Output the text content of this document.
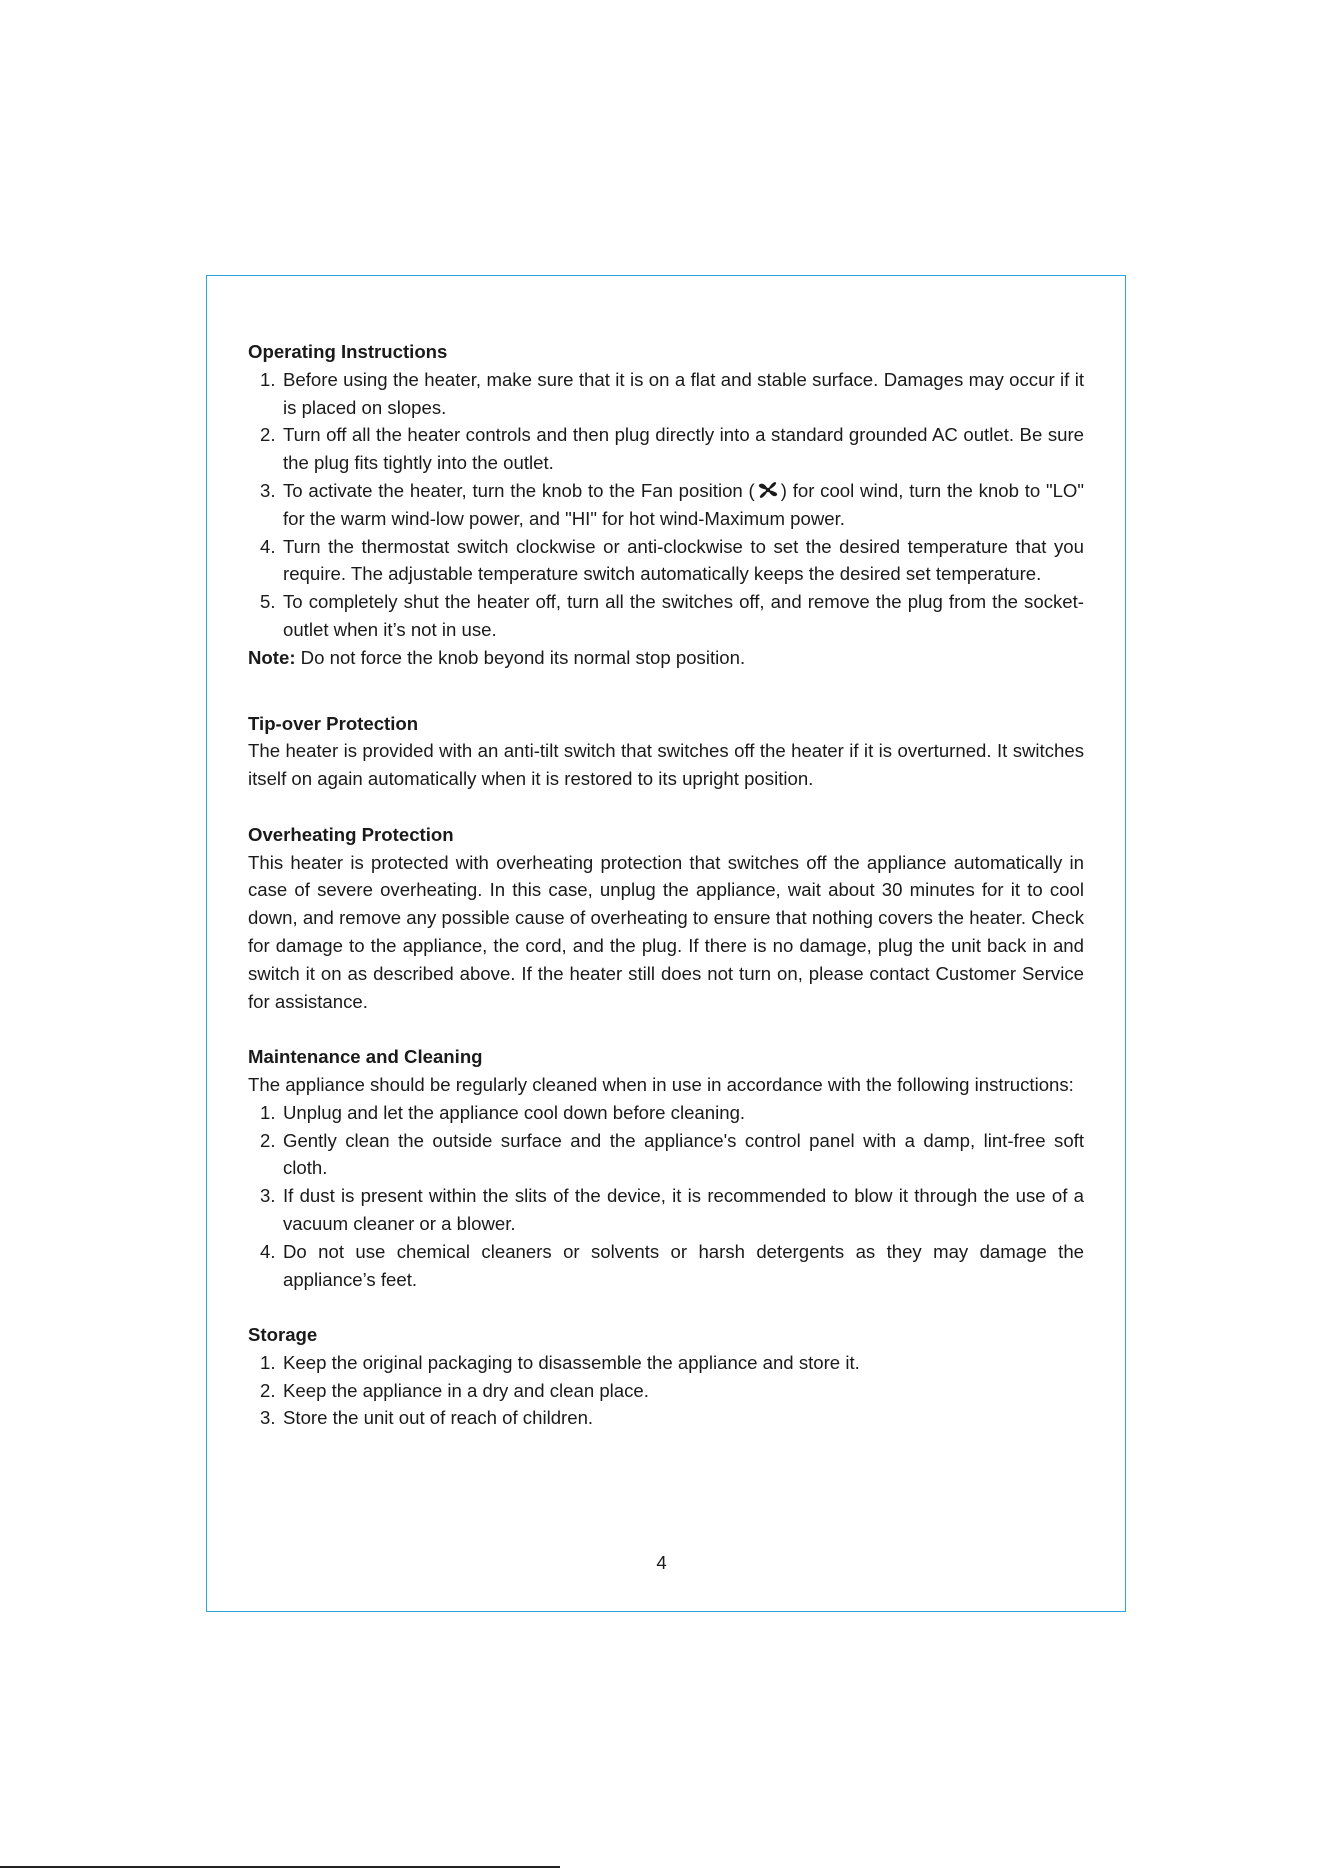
Operating Instructions
1. Before using the heater, make sure that it is on a flat and stable surface. Damages may occur if it is placed on slopes.
2. Turn off all the heater controls and then plug directly into a standard grounded AC outlet. Be sure the plug fits tightly into the outlet.
3. To activate the heater, turn the knob to the Fan position ( ) for cool wind, turn the knob to "LO" for the warm wind-low power, and "HI" for hot wind-Maximum power.
4. Turn the thermostat switch clockwise or anti-clockwise to set the desired temperature that you require. The adjustable temperature switch automatically keeps the desired set temperature.
5. To completely shut the heater off, turn all the switches off, and remove the plug from the socket-outlet when it’s not in use.

Note: Do not force the knob beyond its normal stop position.

Tip-over Protection

The heater is provided with an anti-tilt switch that switches off the heater if it is overturned. It switches itself on again automatically when it is restored to its upright position.

Overheating Protection

This heater is protected with overheating protection that switches off the appliance automatically in case of severe overheating. In this case, unplug the appliance, wait about 30 minutes for it to cool down, and remove any possible cause of overheating to ensure that nothing covers the heater. Check for damage to the appliance, the cord, and the plug. If there is no damage, plug the unit back in and switch it on as described above. If the heater still does not turn on, please contact Customer Service for assistance.

Maintenance and Cleaning

The appliance should be regularly cleaned when in use in accordance with the following instructions:

1. Unplug and let the appliance cool down before cleaning.
2. Gently clean the outside surface and the appliance's control panel with a damp, lint-free soft cloth.
3. If dust is present within the slits of the device, it is recommended to blow it through the use of a vacuum cleaner or a blower.
4. Do not use chemical cleaners or solvents or harsh detergents as they may damage the appliance’s feet.
Storage
1. Keep the original packaging to disassemble the appliance and store it.
2. Keep the appliance in a dry and clean place.
3. Store the unit out of reach of children.
4
